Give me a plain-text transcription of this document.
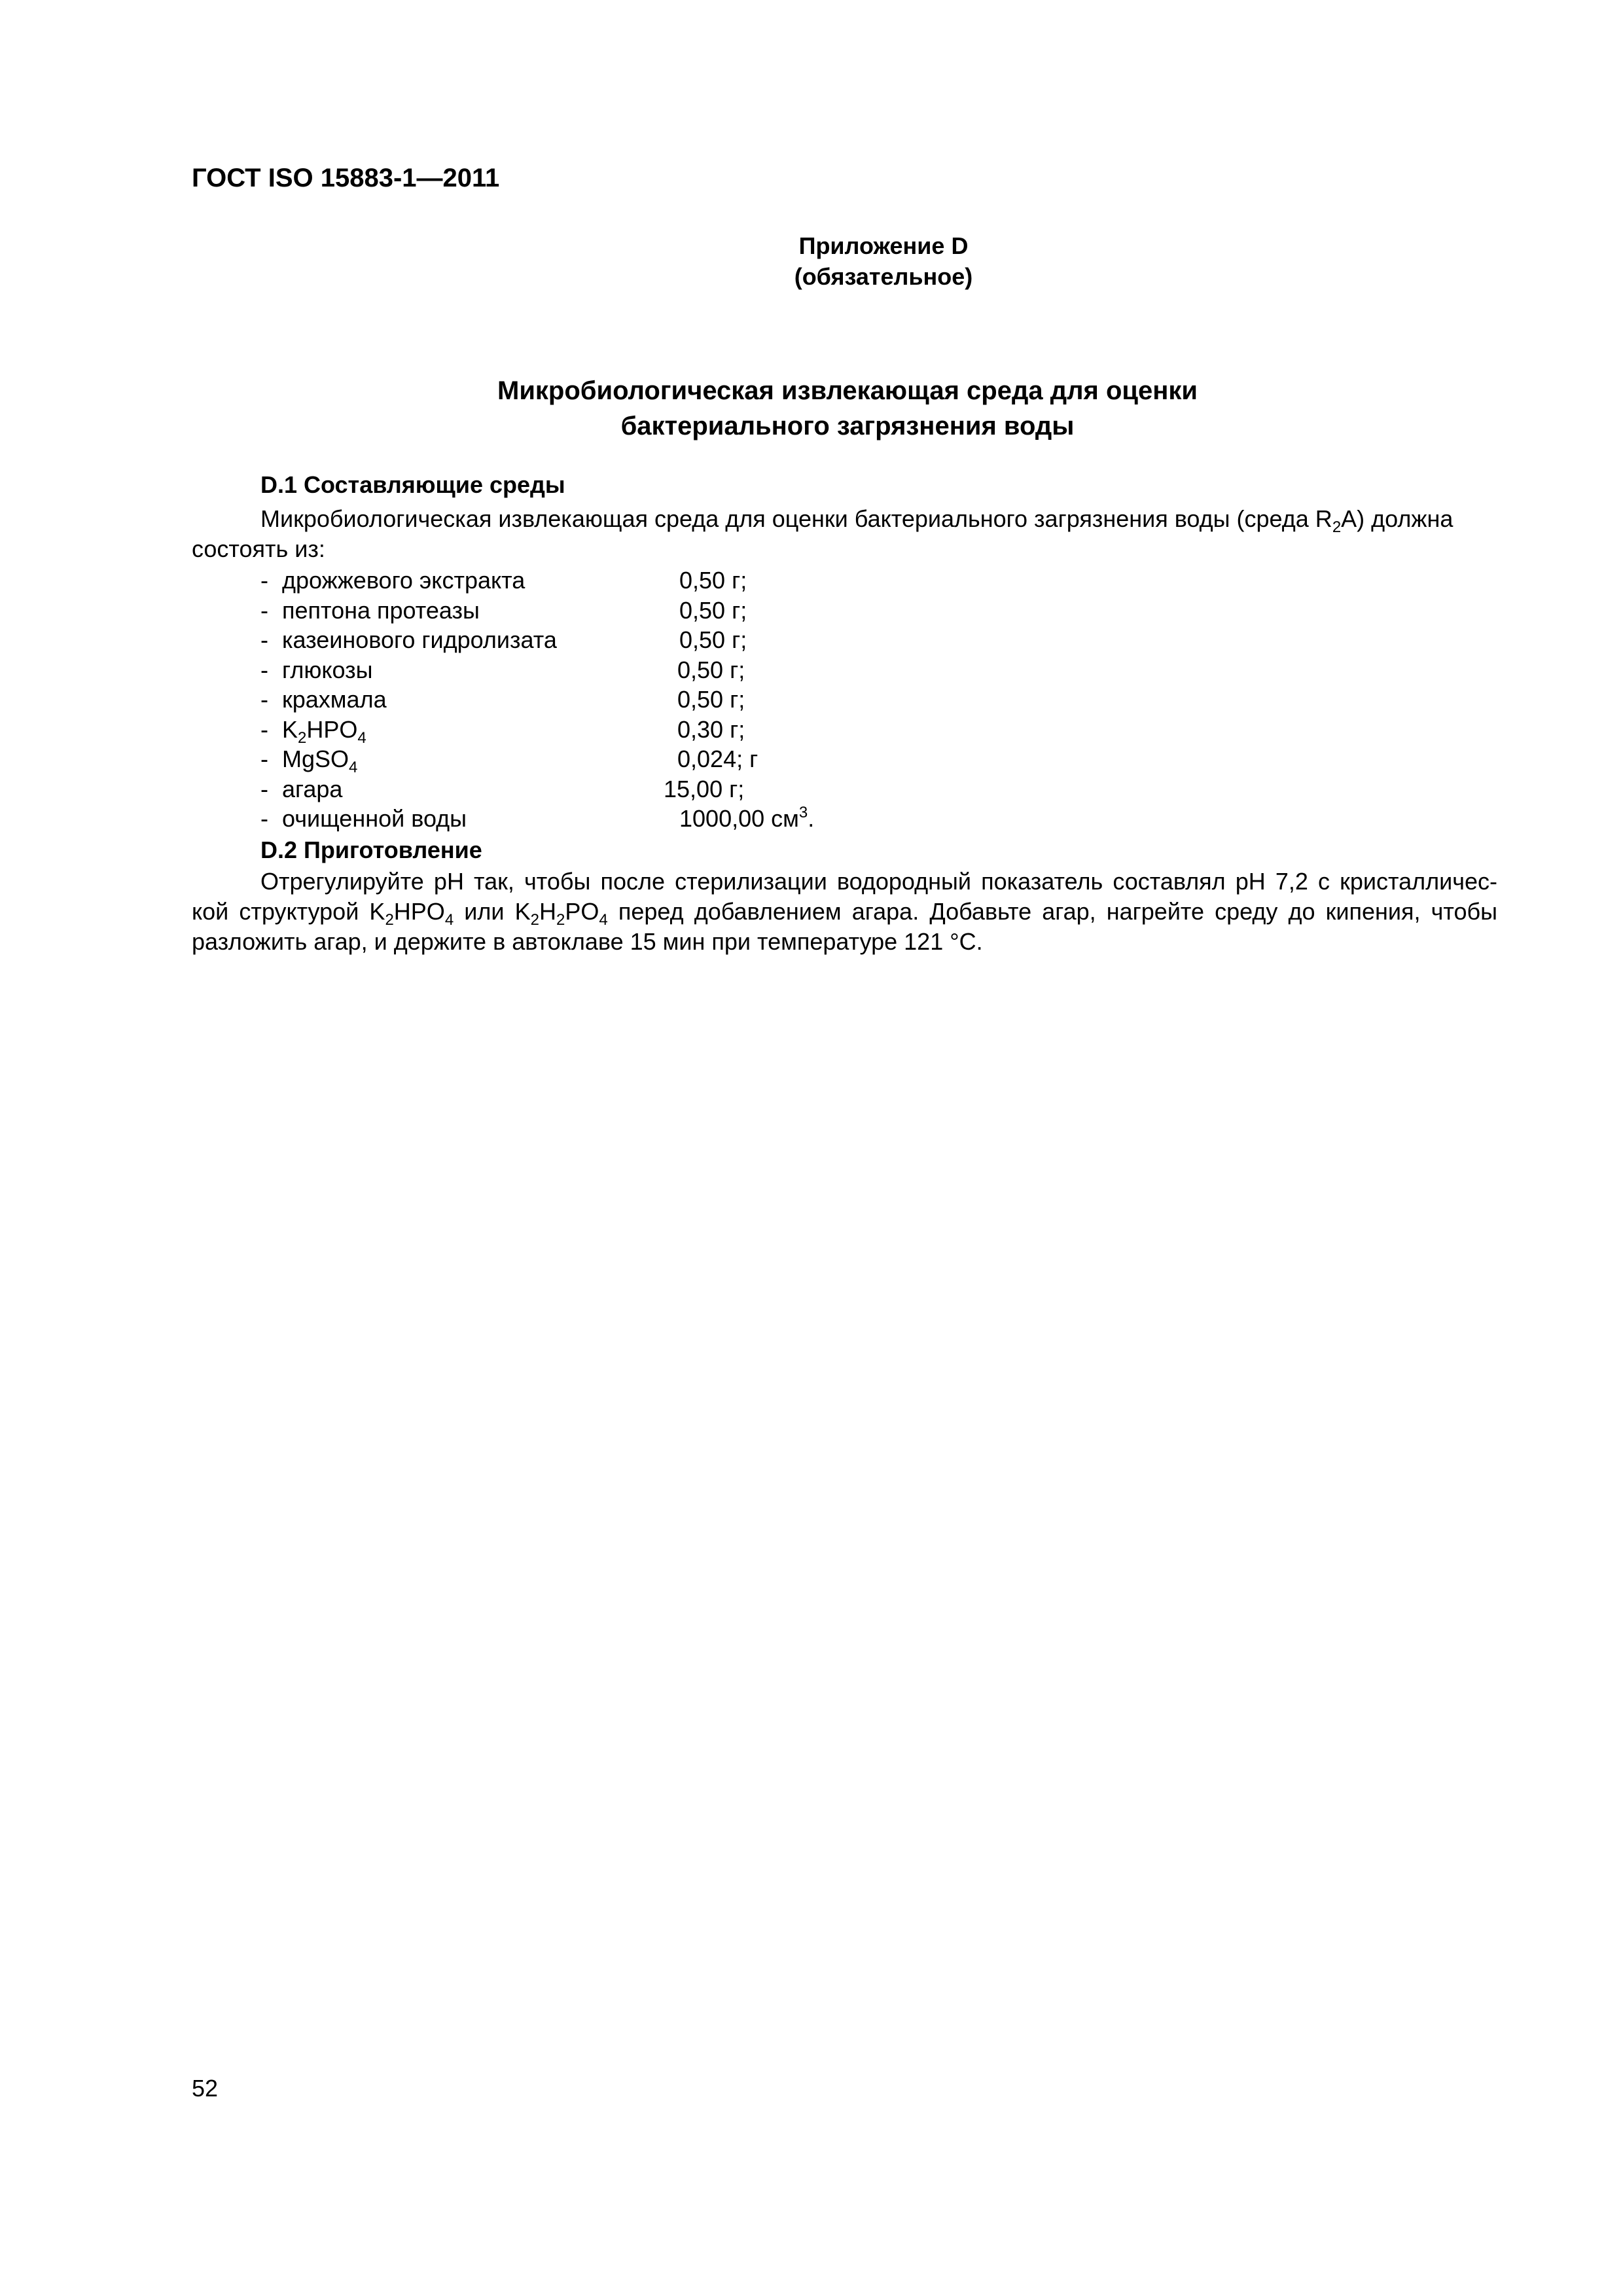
ГОСТ ISO 15883-1—2011
Приложение D
(обязательное)
Микробиологическая извлекающая среда для оценки
бактериального загрязнения воды
D.1 Составляющие среды
Микробиологическая извлекающая среда для оценки бактериального загрязнения воды (среда $R_2A$) должна
состоять из:
- дрожжевого экстракта	0,50 г;
- пептона протеазы	0,50 г;
- казеинового гидролизата	0,50 г;
- глюкозы	0,50 г;
- крахмала	0,50 г;
- $K_2HPO_4$	0,30 г;
- MgSO$_4$	0,024; г
- агара	15,00 г;
- очищенной воды	1000,00 $см^3$.
D.2 Приготовление
Отрегулируйте pH так, чтобы после стерилизации водородный показатель составлял pH 7,2 с кристалличес-
кой структурой $K_2HPO_4$ или $K_2H_2PO_4$ перед добавлением агара. Добавьте агар, нагрейте среду до кипения, чтобы
разложить агар, и держите в автоклаве 15 мин при температуре 121 °С.
52
